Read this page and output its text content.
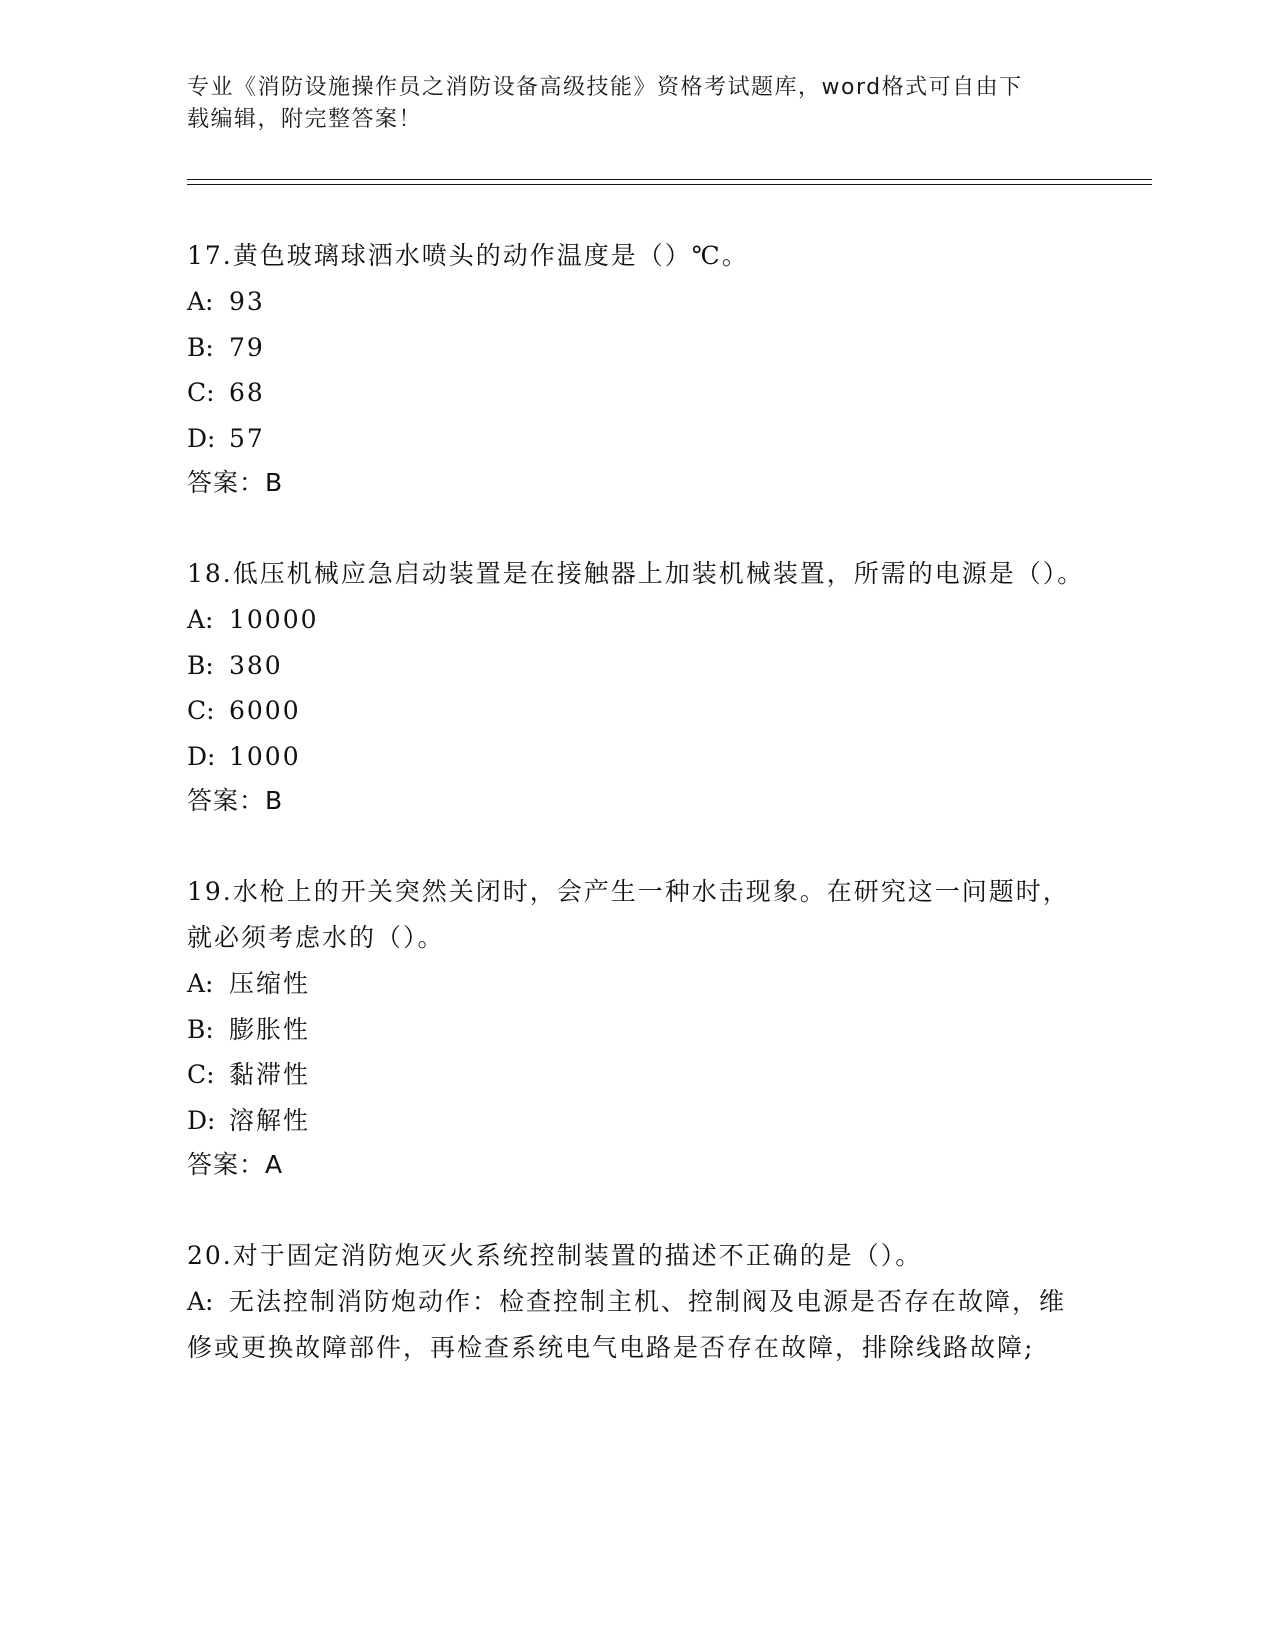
专业《消防设施操作员之消防设备高级技能》资格考试题库，word格式可自由下
载编辑，附完整答案！
17.黄色玻璃球洒水喷头的动作温度是（）℃。
A: 93
B: 79
C: 68
D: 57
答案：B
18.低压机械应急启动装置是在接触器上加装机械装置，所需的电源是（）。
A: 10000
B: 380
C: 6000
D: 1000
答案：B
19.水枪上的开关突然关闭时，会产生一种水击现象。在研究这一问题时，就必须考虑水的（）。
A: 压缩性
B: 膨胀性
C: 黏滞性
D: 溶解性
答案：A
20.对于固定消防炮灭火系统控制装置的描述不正确的是（）。
A: 无法控制消防炮动作：检查控制主机、控制阀及电源是否存在故障，维修或更换故障部件，再检查系统电气电路是否存在故障，排除线路故障;
